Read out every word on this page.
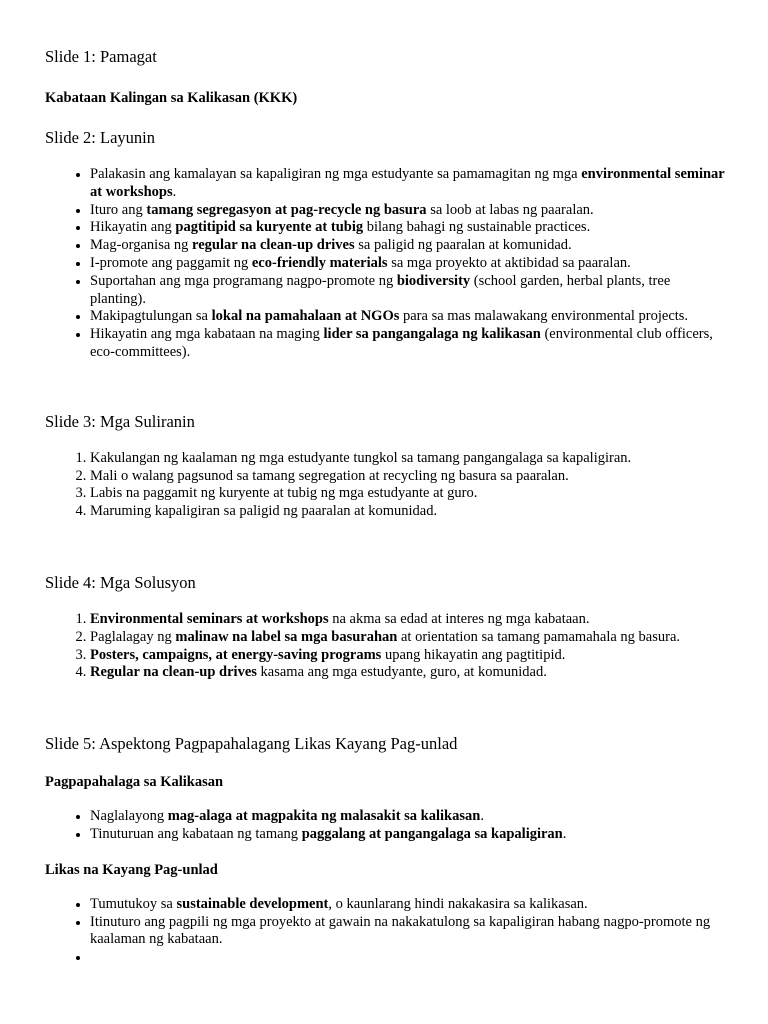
Slide 1: Pamagat
Kabataan Kalingan sa Kalikasan (KKK)
Slide 2: Layunin
• Palakasin ang kamalayan sa kapaligiran ng mga estudyante sa pamamagitan ng mga environmental seminar at workshops.
• Ituro ang tamang segregasyon at pag-recycle ng basura sa loob at labas ng paaralan.
• Hikayatin ang pagtitipid sa kuryente at tubig bilang bahagi ng sustainable practices.
• Mag-organisa ng regular na clean-up drives sa paligid ng paaralan at komunidad.
• I-promote ang paggamit ng eco-friendly materials sa mga proyekto at aktibidad sa paaralan.
• Suportahan ang mga programang nagpo-promote ng biodiversity (school garden, herbal plants, tree planting).
• Makipagtulungan sa lokal na pamahalaan at NGOs para sa mas malawakang environmental projects.
• Hikayatin ang mga kabataan na maging lider sa pangangalaga ng kalikasan (environmental club officers, eco-committees).
Slide 3: Mga Suliranin
1. Kakulangan ng kaalaman ng mga estudyante tungkol sa tamang pangangalaga sa kapaligiran.
2. Mali o walang pagsunod sa tamang segregation at recycling ng basura sa paaralan.
3. Labis na paggamit ng kuryente at tubig ng mga estudyante at guro.
4. Maruming kapaligiran sa paligid ng paaralan at komunidad.
Slide 4: Mga Solusyon
1. Environmental seminars at workshops na akma sa edad at interes ng mga kabataan.
2. Paglalagay ng malinaw na label sa mga basurahan at orientation sa tamang pamamahala ng basura.
3. Posters, campaigns, at energy-saving programs upang hikayatin ang pagtitipid.
4. Regular na clean-up drives kasama ang mga estudyante, guro, at komunidad.
Slide 5: Aspektong Pagpapahalagang Likas Kayang Pag-unlad
Pagpapahalaga sa Kalikasan
• Naglalayong mag-alaga at magpakita ng malasakit sa kalikasan.
• Tinuturuan ang kabataan ng tamang paggalang at pangangalaga sa kapaligiran.
Likas na Kayang Pag-unlad
• Tumutukoy sa sustainable development, o kaunlarang hindi nakakasira sa kalikasan.
• Itinuturo ang pagpili ng mga proyekto at gawain na nakakatulong sa kapaligiran habang nagpo-promote ng kaalaman ng kabataan.
•
